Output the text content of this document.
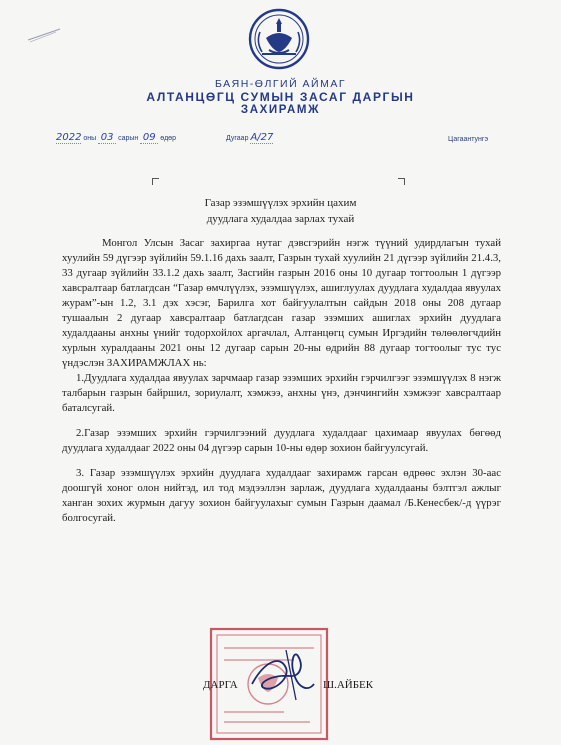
БАЯН-ӨЛГИЙ АЙМАГ
АЛТАНЦӨГЦ СУМЫН ЗАСАГ ДАРГЫН
ЗАХИРАМЖ
2022 оны 03 сарын 09 өдөр	Дугаар А/27	Цагаантунгэ
Газар эзэмшүүлэх эрхийн цахим
дуудлага худалдаа зарлах тухай

Монгол Улсын Засаг захиргаа нутаг дэвсгэрийн нэгж түүний удирдлагын тухай хуулийн 59 дүгээр зүйлийн 59.1.16 дахь заалт, Газрын тухай хуулийн 21 дүгээр зүйлийн 21.4.3, 33 дугаар зүйлийн 33.1.2 дахь заалт, Засгийн газрын 2016 оны 10 дугаар тогтоолын 1 дүгээр хавсралтаар батлагдсан “Газар өмчлүүлэх, эзэмшүүлэх, ашиглуулах дуудлага худалдаа явуулах журам”-ын 1.2, 3.1 дэх хэсэг, Барилга хот байгуулалтын сайдын 2018 оны 208 дугаар тушаалын 2 дугаар хавсралтаар батлагдсан газар эзэмших ашиглах эрхийн дуудлага худалдааны анхны үнийг тодорхойлох аргачлал, Алтанцөгц сумын Иргэдийн төлөөлөгчдийн хурлын хуралдааны 2021 оны 12 дугаар сарын 20-ны өдрийн 88 дугаар тогтоолыг тус тус үндэслэн ЗАХИРАМЖЛАХ нь:

1.Дуудлага худалдаа явуулах зарчмаар газар эзэмших эрхийн гэрчилгээг эзэмшүүлэх 8 нэгж талбарын газрын байршил, зориулалт, хэмжээ, анхны үнэ, дэнчингийн хэмжээг хавсралтаар баталсугай.

2.Газар эзэмших эрхийн гэрчилгээний дуудлага худалдааг цахимаар явуулах бөгөөд дуудлага худалдааг 2022 оны 04 дүгээр сарын 10-ны өдөр зохион байгуулсугай.

3. Газар эзэмшүүлэх эрхийн дуудлага худалдааг захирамж гарсан өдрөөс эхлэн 30-аас доошгүй хоног олон нийтэд, ил тод мэдээллэн зарлаж, дуудлага худалдааны бэлтгэл ажлыг ханган зохих журмын дагуу зохион байгуулахыг сумын Газрын даамал /Б.Кенесбек/-д үүрэг болгосугай.

ДАРГА	Ш.АЙБЕК
